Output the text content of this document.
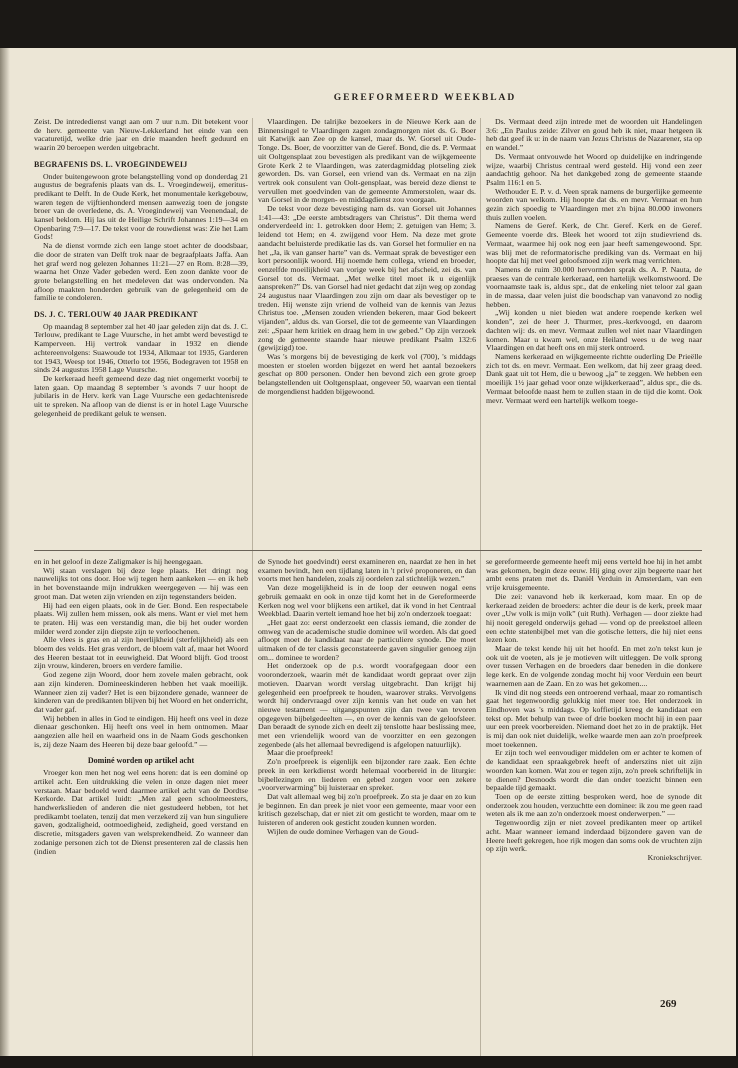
GEREFORMEERD WEEKBLAD

Zeist. De intrededienst vangt aan om 7 uur n.m. Dit betekent voor de herv. gemeente van Nieuw-Lekkerland het einde van een vacaturetijd, welke drie jaar en drie maanden heeft geduurd en waarin 20 beroepen werden uitgebracht.

BEGRAFENIS DS. L. VROEGINDEWEIJ

Onder buitengewoon grote belangstelling vond op donderdag 21 augustus de begrafenis plaats van ds. L. Vroegindeweij, emeritus-predikant te Delft. In de Oude Kerk, het monumentale kerkgebouw, waren tegen de vijftienhonderd mensen aanwezig toen de jongste broer van de overledene, ds. A. Vroegindeweij van Veenendaal, de kansel beklom. Hij las uit de Heilige Schrift Johannes 1:19—34 en Openbaring 7:9—17. De tekst voor de rouwdienst was: Zie het Lam Gods!

Na de dienst vormde zich een lange stoet achter de doodsbaar, die door de straten van Delft trok naar de begraafplaats Jaffa. Aan het graf werd nog gelezen Johannes 11:21—27 en Rom. 8:28—39, waarna het Onze Vader gebeden werd. Een zoon dankte voor de grote belangstelling en het medeleven dat was ondervonden. Na afloop maakten honderden gebruik van de gelegenheid om de familie te condoleren.

DS. J. C. TERLOUW 40 JAAR PREDIKANT

Op maandag 8 september zal het 40 jaar geleden zijn dat ds. J. C. Terlouw, predikant te Lage Vuursche, in het ambt werd bevestigd te Kamperveen. Hij vertrok vandaar in 1932 en diende achtereenvolgens: Suawoude tot 1934, Alkmaar tot 1935, Garderen tot 1943, Weesp tot 1946, Otterlo tot 1956, Bodegraven tot 1958 en sinds 24 augustus 1958 Lage Vuursche.

De kerkeraad heeft gemeend deze dag niet ongemerkt voorbij te laten gaan. Op maandag 8 september 's avonds 7 uur hoopt de jubilaris in de Herv. kerk van Lage Vuursche een gedachtenisrede uit te spreken. Na afloop van de dienst is er in hotel Lage Vuursche gelegenheid de predikant geluk te wensen.

Vlaardingen. De talrijke bezoekers in de Nieuwe Kerk aan de Binnensingel te Vlaardingen zagen zondagmorgen niet ds. G. Boer uit Katwijk aan Zee op de kansel, maar ds. W. Gorsel uit Oude-Tonge. Ds. Boer, de voorzitter van de Geref. Bond, die ds. P. Vermaat uit Ooltgensplaat zou bevestigen als predikant van de wijkgemeente Grote Kerk 2 te Vlaardingen, was zaterdagmiddag plotseling ziek geworden. Ds. van Gorsel, een vriend van ds. Vermaat en na zijn vertrek ook consulent van Oolt-gensplaat, was bereid deze dienst te vervullen met goedvinden van de gemeente Ammerstolen, waar ds. van Gorsel in de morgen- en middagdienst zou voorgaan.

De tekst voor deze bevestiging nam ds. van Gorsel uit Johannes 1:41—43: „De eerste ambtsdragers van Christus”. Dit thema werd onderverdeeld in: 1. getrokken door Hem; 2. getuigen van Hem; 3. leidend tot Hem; en 4. zwijgend voor Hem. Na deze met grote aandacht beluisterde predikatie las ds. van Gorsel het formulier en na het „Ja, ik van ganser harte” van ds. Vermaat sprak de bevestiger een kort persoonlijk woord. Hij noemde hem collega, vriend en broeder, eenzelfde moeilijkheid van vorige week bij het afscheid, zei ds. van Gorsel tot ds. Vermaat. „Met welke titel moet ik u eigenlijk aanspreken?” Ds. van Gorsel had niet gedacht dat zijn weg op zondag 24 augustus naar Vlaardingen zou zijn om daar als bevestiger op te treden. Hij wenste zijn vriend de volheid van de kennis van Jezus Christus toe. „Mensen zouden vrienden bekeren, maar God bekeert vijanden”, aldus ds. van Gorsel, die tot de gemeente van Vlaardingen zei: „Spaar hem kritiek en draag hem in uw gebed.” Op zijn verzoek zong de gemeente staande haar nieuwe predikant Psalm 132:6 (gewijzigd) toe.

Was 's morgens bij de bevestiging de kerk vol (700), 's middags moesten er stoelen worden bijgezet en werd het aantal bezoekers geschat op 800 personen. Onder hen bevond zich een grote groep belangstellenden uit Ooltgensplaat, ongeveer 50, waarvan een tiental de morgendienst hadden bijgewoond.

Ds. Vermaat deed zijn intrede met de woorden uit Handelingen 3:6: „En Paulus zeide: Zilver en goud heb ik niet, maar hetgeen ik heb dat geef ik u: in de naam van Jezus Christus de Nazarener, sta op en wandel.”

Ds. Vermaat ontvouwde het Woord op duidelijke en indringende wijze, waarbij Christus centraal werd gesteld. Hij vond een zeer aandachtig gehoor. Na het dankgebed zong de gemeente staande Psalm 116:1 en 5.

Wethouder E. P. v. d. Veen sprak namens de burgerlijke gemeente woorden van welkom. Hij hoopte dat ds. en mevr. Vermaat en hun gezin zich spoedig te Vlaardingen met z'n bijna 80.000 inwoners thuis zullen voelen.

Namens de Geref. Kerk, de Chr. Geref. Kerk en de Geref. Gemeente voerde drs. Bleek het woord tot zijn studievriend ds. Vermaat, waarmee hij ook nog een jaar heeft samengewoond. Spr. was blij met de reformatorische prediking van ds. Vermaat en hij hoopte dat hij met veel geloofsmoed zijn werk mag verrichten.

Namens de ruim 30.000 hervormden sprak ds. A. P. Nauta, de praeses van de centrale kerkeraad, een hartelijk welkomstwoord. De voornaamste taak is, aldus spr., dat de enkeling niet teloor zal gaan in de massa, daar velen juist die boodschap van vanavond zo nodig hebben.

„Wij konden u niet bieden wat andere roepende kerken wel konden”, zei de heer J. Thurmer, pres.-kerkvoogd, en daarom dachten wij: ds. en mevr. Vermaat zullen wel niet naar Vlaardingen komen. Maar u kwam wel, onze Heiland wees u de weg naar Vlaardingen en dat heeft ons en mij sterk ontroerd.

Namens kerkeraad en wijkgemeente richtte ouderling De Prieëlle zich tot ds. en mevr. Vermaat. Een welkom, dat hij zeer graag deed. Dank gaat uit tot Hem, die u bewoog „ja” te zeggen. We hebben een moeilijk 1½ jaar gehad voor onze wijkkerkeraad”, aldus spr., die ds. Vermaat beloofde naast hem te zullen staan in de tijd die komt. Ook mevr. Vermaat werd een hartelijk welkom toege-

en in het geloof in deze Zaligmaker is hij heengegaan.

Wij staan verslagen bij deze lege plaats. Het dringt nog nauwelijks tot ons door. Hoe wij tegen hem aankeken — en ik heb in het bovenstaande mijn indrukken weergegeven — hij was een groot man. Dat weten zijn vrienden en zijn tegenstanders beiden.

Hij had een eigen plaats, ook in de Ger. Bond. Een respectabele plaats. Wij zullen hem missen, ook als mens. Want er viel met hem te praten. Hij was een verstandig man, die bij het ouder worden milder werd zonder zijn diepste zijn te verloochenen.

Alle vlees is gras en al zijn heerlijkheid (sterfelijkheid) als een bloem des velds. Het gras verdort, de bloem valt af, maar het Woord des Heeren bestaat tot in eeuwigheid. Dat Woord blijft. God troost zijn vrouw, kinderen, broers en verdere familie.

God zegene zijn Woord, door hem zovele malen gebracht, ook aan zijn kinderen. Domineeskinderen hebben het vaak moeilijk. Wanneer zien zij vader? Het is een bijzondere genade, wanneer de kinderen van de predikanten blijven bij het Woord en het onderricht, dat vader gaf.

Wij hebben in alles in God te eindigen. Hij heeft ons veel in deze dienaar geschonken. Hij heeft ons veel in hem ontnomen. Maar aangezien alle heil en waarheid ons in de Naam Gods geschonken is, zij deze Naam des Heeren bij deze baar geloofd.” —

Dominé worden op artikel acht

Vroeger kon men het nog wel eens horen: dat is een dominé op artikel acht. Een uitdrukking die velen in onze dagen niet meer verstaan. Maar bedoeld werd daarmee artikel acht van de Dordtse Kerkorde. Dat artikel luidt: „Men zal geen schoolmeesters, handwerkslieden of anderen die niet gestudeerd hebben, tot het predikambt toelaten, tenzij dat men verzekerd zij van hun singuliere gaven, godzaligheid, ootmoedigheid, zedigheid, goed verstand en discretie, mitsgaders gaven van welsprekendheid. Zo wanneer dan zodanige personen zich tot de Dienst presenteren zal de classis hen (indien

de Synode het goedvindt) eerst examineren en, naardat ze hen in het examen bevindt, hen een tijdlang laten in 't privé proponeren, en dan voorts met hen handelen, zoals zij oordelen zal stichtelijk wezen.”

Van deze mogelijkheid is in de loop der eeuwen nogal eens gebruik gemaakt en ook in onze tijd komt het in de Gereformeerde Kerken nog wel voor blijkens een artikel, dat ik vond in het Centraal Weekblad. Daarin vertelt iemand hoe het bij zo'n onderzoek toegaat:

„Het gaat zo: eerst onderzoekt een classis iemand, die zonder de omweg van de academische studie dominee wil worden. Als dat goed afloopt moet de kandidaat naar de particuliere synode. Die moet uitmaken of de ter classis geconstateerde gaven singulier genoeg zijn om... dominee te worden?

Het onderzoek op de p.s. wordt voorafgegaan door een vooronderzoek, waarin mét de kandidaat wordt gepraat over zijn motieven. Daarvan wordt verslag uitgebracht. Dan krijgt hij gelegenheid een proefpreek te houden, waarover straks. Vervolgens wordt hij ondervraagd over zijn kennis van het oude en van het nieuwe testament — uitgangspunten zijn dan twee van tevoren opgegeven bijbelgedeelten —, en over de kennis van de geloofsleer. Dan beraadt de synode zich en deelt zij tenslotte haar beslissing mee, met een vriendelijk woord van de voorzitter en een gezongen zegenbede (als het allemaal bevredigend is afgelopen natuurlijk).

Maar die proefpreek!

Zo'n proefpreek is eigenlijk een bijzonder rare zaak. Een échte preek in een kerkdienst wordt helemaal voorbereid in de liturgie: bijbellezingen en liederen en gebed zorgen voor een zekere „voorverwarming” bij luisteraar en spreker.

Dat valt allemaal weg bij zo'n proefpreek. Zo sta je daar en zo kun je beginnen. En dan preek je niet voor een gemeente, maar voor een kritisch gezelschap, dat er niet zit om gesticht te worden, maar om te luisteren of anderen ook gesticht zouden kunnen worden.

Wijlen de oude dominee Verhagen van de Goud-

se gereformeerde gemeente heeft mij eens verteld hoe hij in het ambt was gekomen, begin deze eeuw. Hij ging over zijn begeerte naar het ambt eens praten met ds. Daniël Verduin in Amsterdam, van een vrije kruisgemeente.

Die zei: vanavond heb ik kerkeraad, kom maar. En op de kerkeraad zeiden de broeders: achter die deur is de kerk, preek maar over „Uw volk is mijn volk” (uit Ruth). Verhagen — door ziekte had hij nooit geregeld onderwijs gehad — vond op de preekstoel alleen een echte statenbijbel met van die gotische letters, die hij niet eens lezen kon.

Maar de tekst kende hij uit het hoofd. En met zo'n tekst kun je ook uit de voeten, als je je motieven wilt uitleggen. De volk sprong over tussen Verhagen en de broeders daar beneden in die donkere lege kerk. En de volgende zondag mocht hij voor Verduin een beurt waarnemen aan de Zaan. En zo was het gekomen....

Ik vind dit nog steeds een ontroerend verhaal, maar zo romantisch gaat het tegenwoordig gelukkig niet meer toe. Het onderzoek in Eindhoven was 's middags. Op koffietijd kreeg de kandidaat een tekst op. Met behulp van twee of drie boeken mocht hij in een paar uur een preek voorbereiden. Niemand doet het zo in de praktijk. Het is mij dan ook niet duidelijk, welke waarde men aan zo'n proefpreek moet toekennen.

Er zijn toch wel eenvoudiger middelen om er achter te komen of de kandidaat een spraakgebrek heeft of anderszins niet uit zijn woorden kan komen. Wat zou er tegen zijn, zo'n preek schriftelijk in te dienen? Desnoods wordt die dan onder toezicht binnen een bepaalde tijd gemaakt.

Toen op de eerste zitting besproken werd, hoe de synode dit onderzoek zou houden, verzuchtte een dominee: ik zou me geen raad weten als ik me aan zo'n onderzoek moest onderwerpen.” —

Tegenwoordig zijn er niet zoveel predikanten meer op artikel acht. Maar wanneer iemand inderdaad bijzondere gaven van de Heere heeft gekregen, hoe rijk mogen dan soms ook de vruchten zijn op zijn werk.

Kroniekschrijver.

269
